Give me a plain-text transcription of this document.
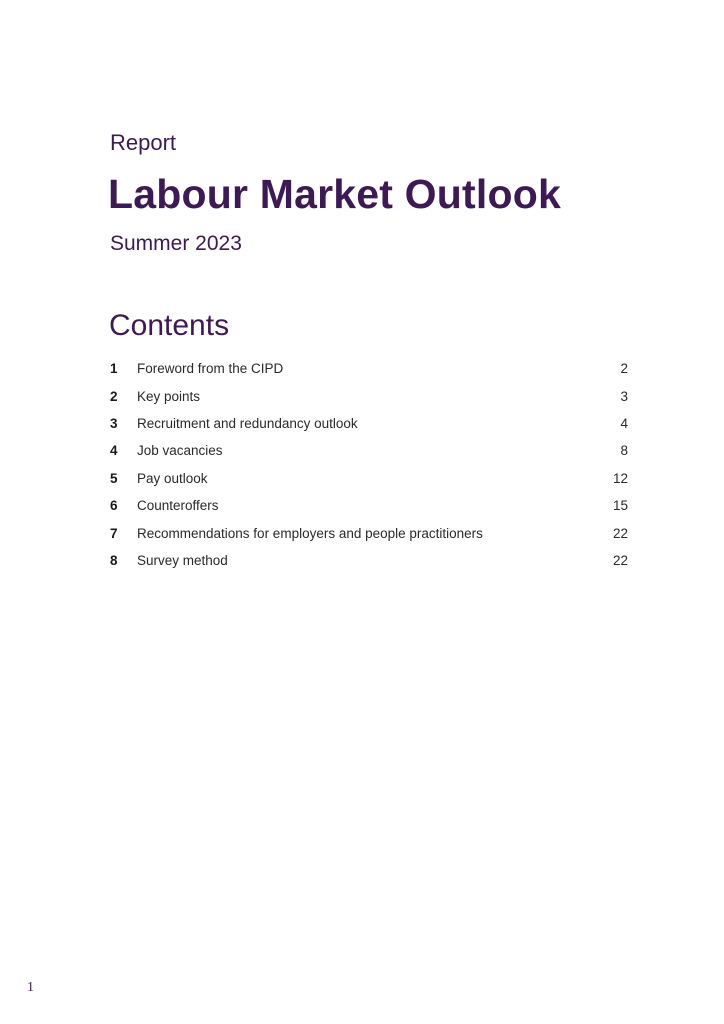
Report
Labour Market Outlook
Summer 2023
Contents
1	Foreword from the CIPD	2
2	Key points	3
3	Recruitment and redundancy outlook	4
4	Job vacancies	8
5	Pay outlook	12
6	Counteroffers	15
7	Recommendations for employers and people practitioners	22
8	Survey method	22
1
